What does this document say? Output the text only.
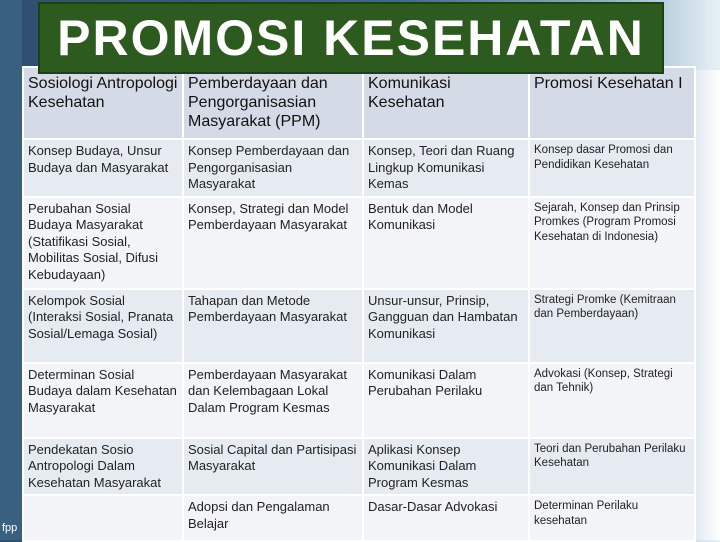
fpp
PROMOSI KESEHATAN
Sosiologi Antropologi Kesehatan	Pemberdayaan dan Pengorganisasian Masyarakat (PPM)	Komunikasi Kesehatan	Promosi Kesehatan I
Konsep Budaya, Unsur Budaya dan Masyarakat	Konsep Pemberdayaan dan Pengorganisasian Masyarakat	Konsep, Teori dan Ruang Lingkup Komunikasi Kemas	Konsep dasar Promosi dan Pendidikan Kesehatan
Perubahan Sosial Budaya Masyarakat (Statifikasi Sosial, Mobilitas Sosial, Difusi Kebudayaan)	Konsep, Strategi dan Model Pemberdayaan Masyarakat	Bentuk dan Model Komunikasi	Sejarah, Konsep dan Prinsip Promkes (Program Promosi Kesehatan di Indonesia)
Kelompok Sosial (Interaksi Sosial, Pranata Sosial/Lemaga Sosial)	Tahapan dan Metode Pemberdayaan Masyarakat	Unsur-unsur, Prinsip, Gangguan dan Hambatan Komunikasi	Strategi Promke (Kemitraan dan Pemberdayaan)
Determinan Sosial Budaya dalam Kesehatan Masyarakat	Pemberdayaan Masyarakat dan Kelembagaan Lokal Dalam Program Kesmas	Komunikasi Dalam Perubahan Perilaku	Advokasi (Konsep, Strategi dan Tehnik)
Pendekatan Sosio Antropologi Dalam Kesehatan Masyarakat	Sosial Capital dan Partisipasi Masyarakat	Aplikasi Konsep Komunikasi Dalam Program Kesmas	Teori dan Perubahan Perilaku Kesehatan
	Adopsi dan Pengalaman Belajar	Dasar-Dasar Advokasi	Determinan Perilaku kesehatan
